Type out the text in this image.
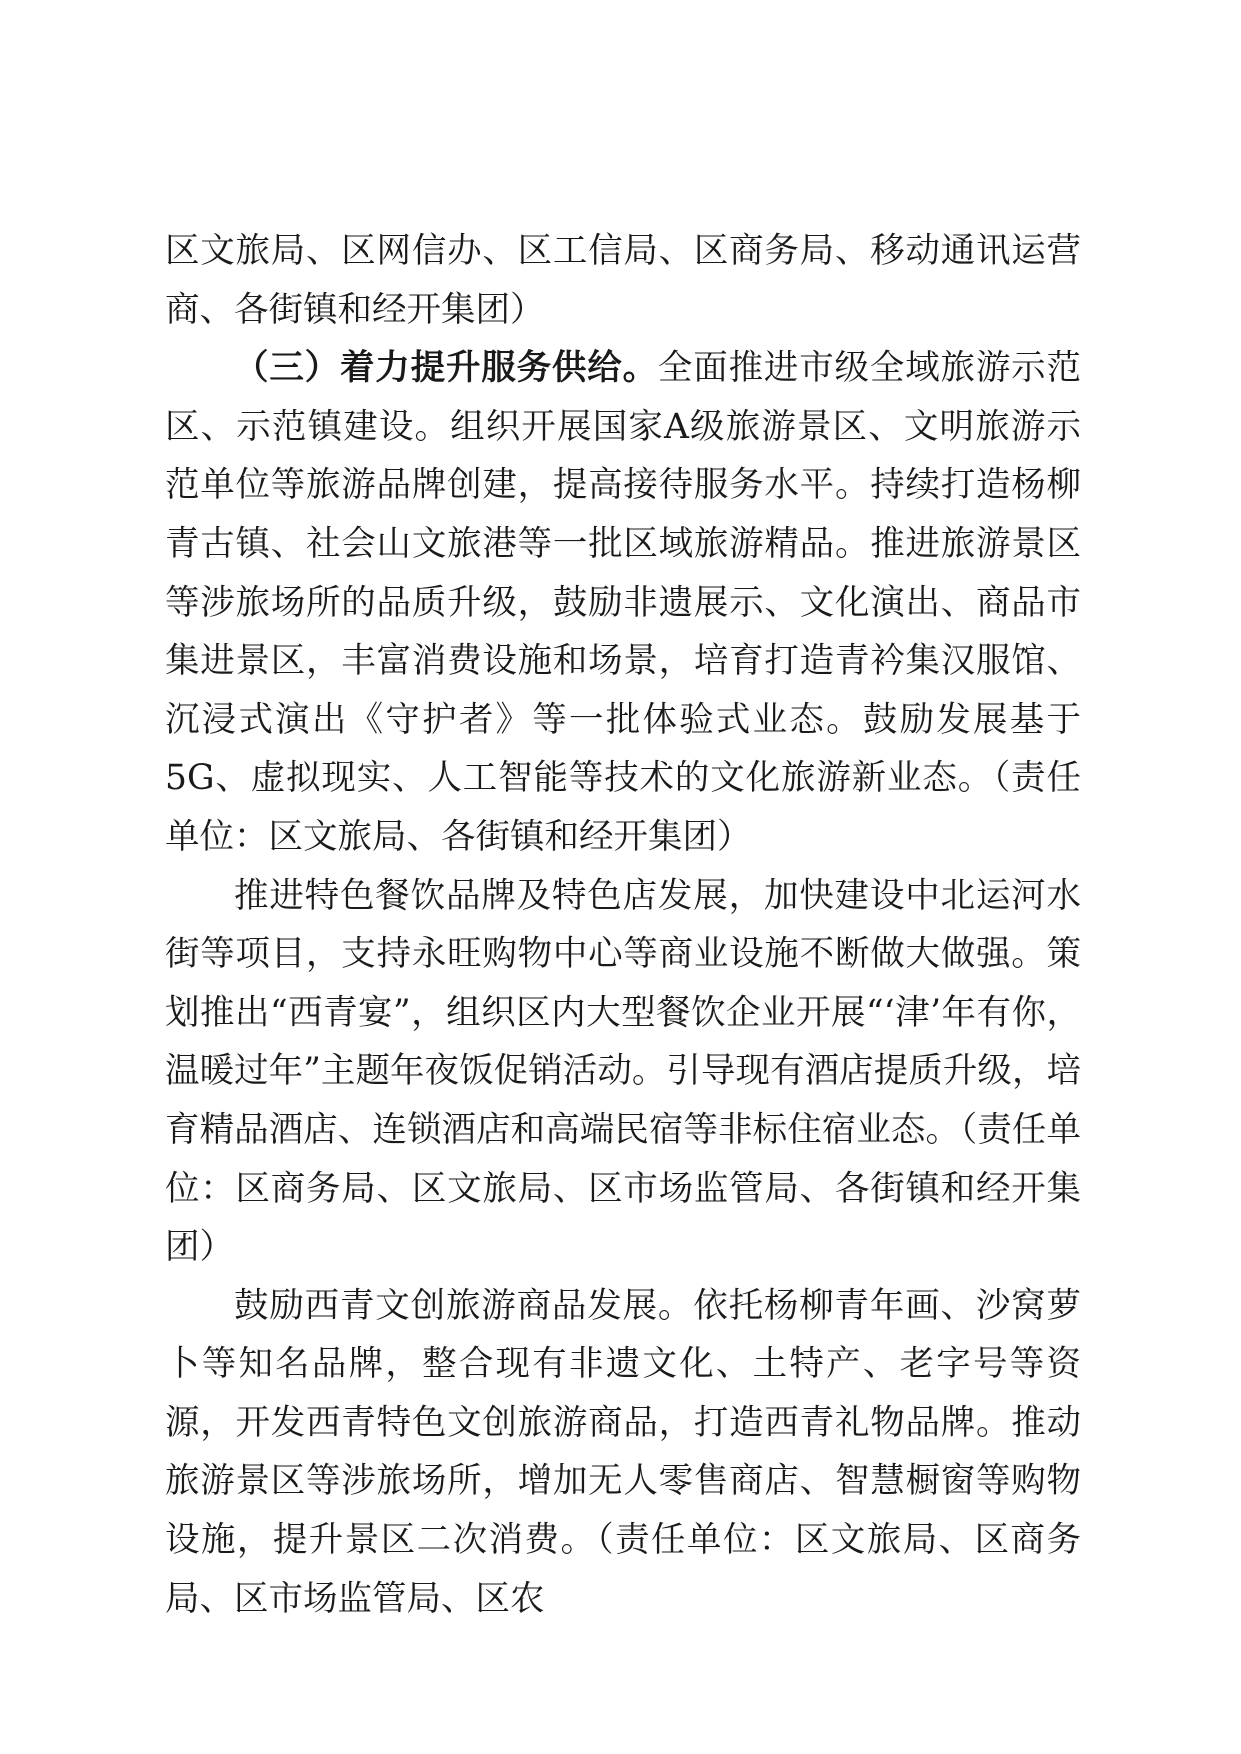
区文旅局、区网信办、区工信局、区商务局、移动通讯运营商、各街镇和经开集团）

（三）着力提升服务供给。全面推进市级全域旅游示范区、示范镇建设。组织开展国家A级旅游景区、文明旅游示范单位等旅游品牌创建，提高接待服务水平。持续打造杨柳青古镇、社会山文旅港等一批区域旅游精品。推进旅游景区等涉旅场所的品质升级，鼓励非遗展示、文化演出、商品市集进景区，丰富消费设施和场景，培育打造青衿集汉服馆、沉浸式演出《守护者》等一批体验式业态。鼓励发展基于5G、虚拟现实、人工智能等技术的文化旅游新业态。（责任单位：区文旅局、各街镇和经开集团）

推进特色餐饮品牌及特色店发展，加快建设中北运河水街等项目，支持永旺购物中心等商业设施不断做大做强。策划推出“西青宴”，组织区内大型餐饮企业开展“‘津’年有你，温暖过年”主题年夜饭促销活动。引导现有酒店提质升级，培育精品酒店、连锁酒店和高端民宿等非标住宿业态。（责任单位：区商务局、区文旅局、区市场监管局、各街镇和经开集团）

鼓励西青文创旅游商品发展。依托杨柳青年画、沙窝萝卜等知名品牌，整合现有非遗文化、土特产、老字号等资源，开发西青特色文创旅游商品，打造西青礼物品牌。推动旅游景区等涉旅场所，增加无人零售商店、智慧橱窗等购物设施，提升景区二次消费。（责任单位：区文旅局、区商务局、区市场监管局、区农
